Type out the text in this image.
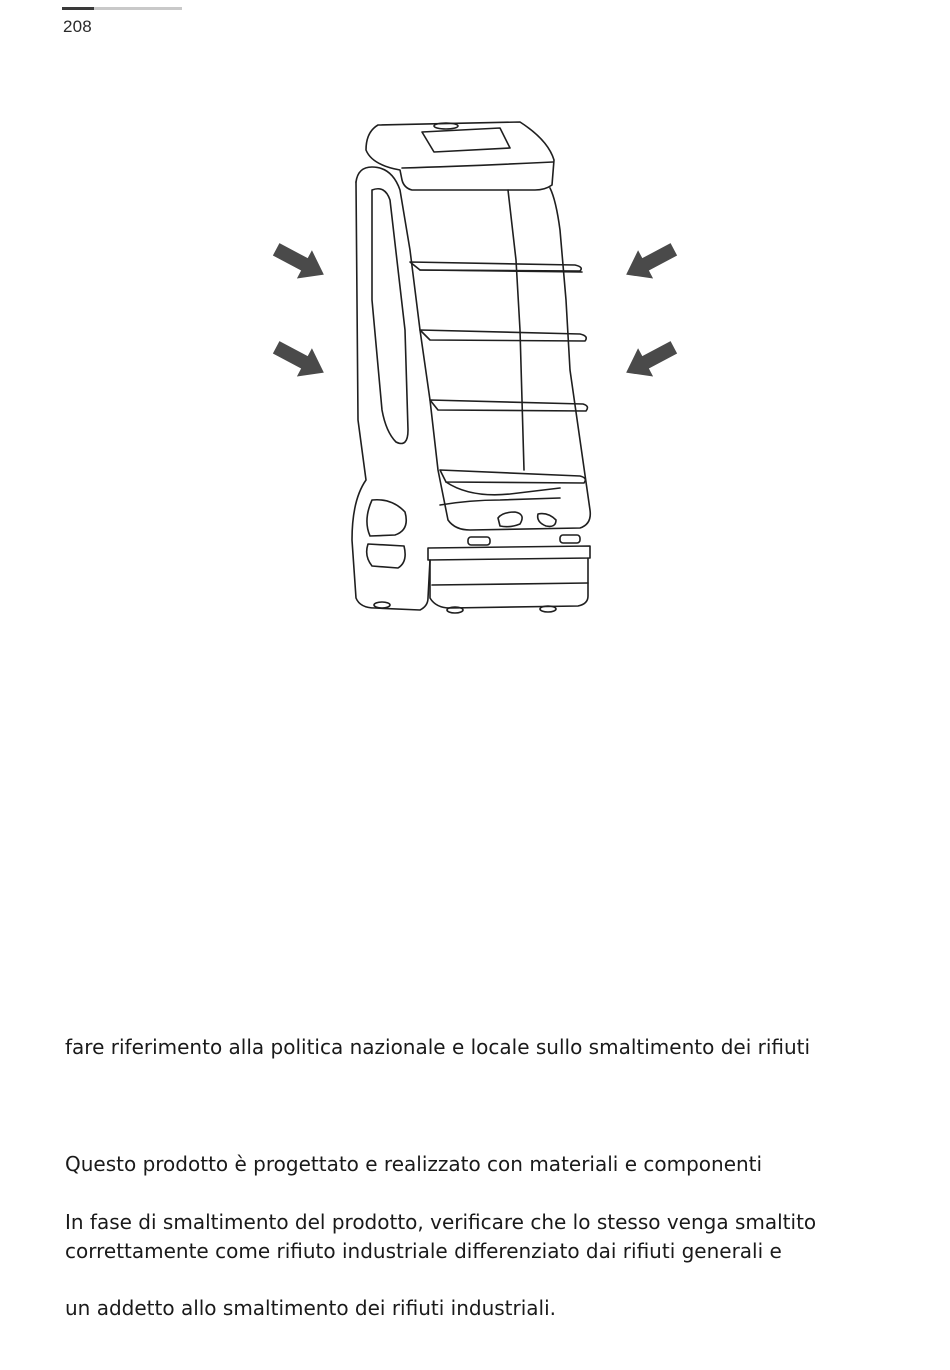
208
fare riferimento alla politica nazionale e locale sullo smaltimento dei rifiuti
Questo prodotto è progettato e realizzato con materiali e componenti
In fase di smaltimento del prodotto, verificare che lo stesso venga smaltito
correttamente come rifiuto industriale differenziato dai rifiuti generali e
un addetto allo smaltimento dei rifiuti industriali.
